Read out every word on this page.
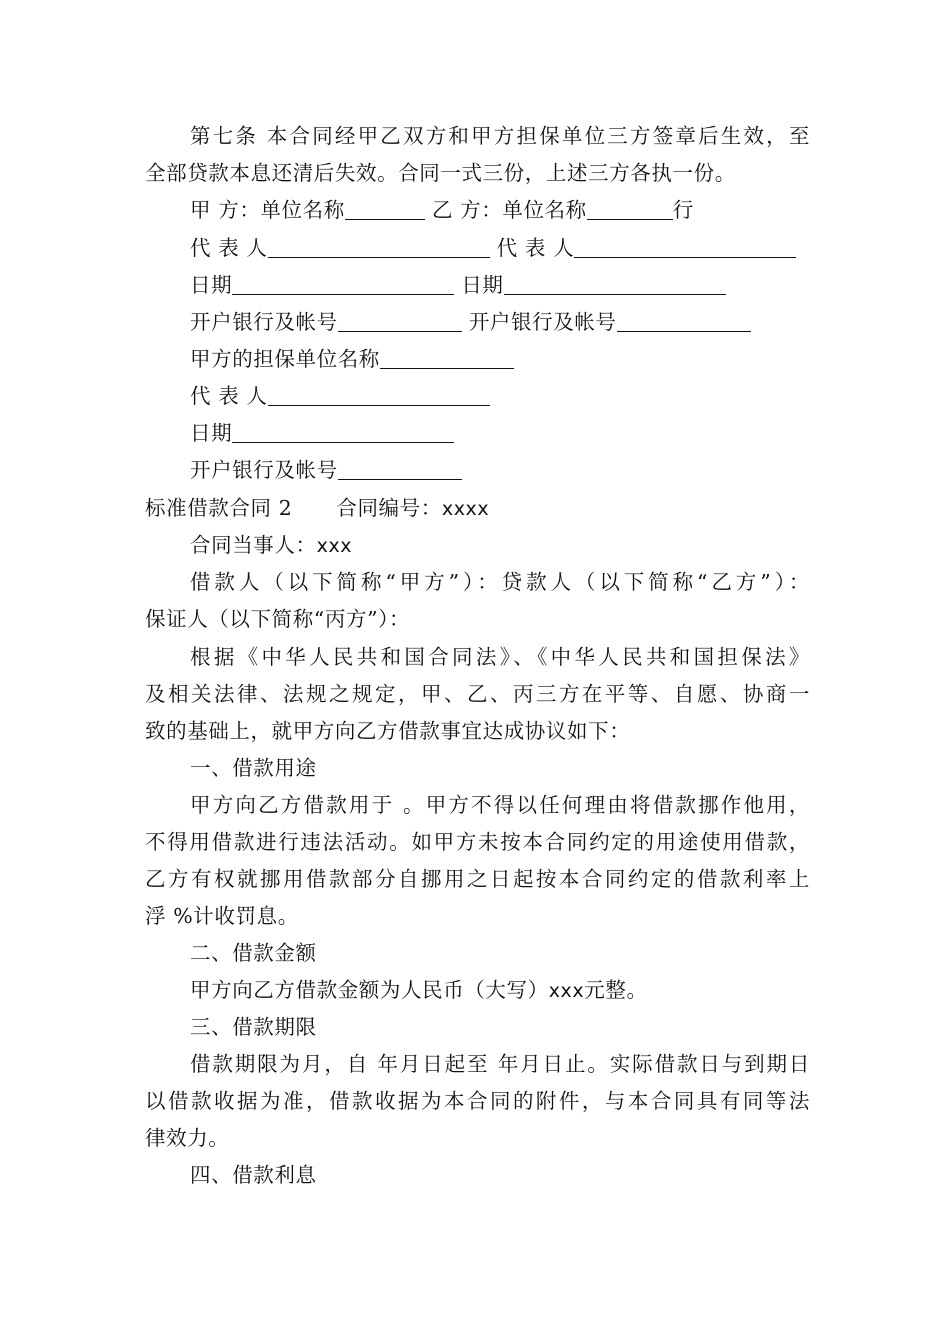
第七条 本合同经甲乙双方和甲方担保单位三方签章后生效，至
全部贷款本息还清后失效。合同一式三份，上述三方各执一份。
甲 方：单位名称	乙 方：单位名称	行
代 表 人	代 表 人
日期	日期
开户银行及帐号	开户银行及帐号
甲方的担保单位名称
代 表 人
日期
开户银行及帐号
标准借款合同 2 合同编号：xxxx
合同当事人：xxx
借款人（以下简称“甲方”）：贷款人（以下简称“乙方”）：
保证人（以下简称“丙方”）：
根据《中华人民共和国合同法》、《中华人民共和国担保法》
及相关法律、法规之规定，甲、乙、丙三方在平等、自愿、协商一
致的基础上，就甲方向乙方借款事宜达成协议如下：
一、借款用途
甲方向乙方借款用于 。甲方不得以任何理由将借款挪作他用，
不得用借款进行违法活动。如甲方未按本合同约定的用途使用借款，
乙方有权就挪用借款部分自挪用之日起按本合同约定的借款利率上
浮 %计收罚息。
二、借款金额
甲方向乙方借款金额为人民币（大写）xxx元整。
三、借款期限
借款期限为月，自 年月日起至 年月日止。实际借款日与到期日
以借款收据为准，借款收据为本合同的附件，与本合同具有同等法
律效力。
四、借款利息
